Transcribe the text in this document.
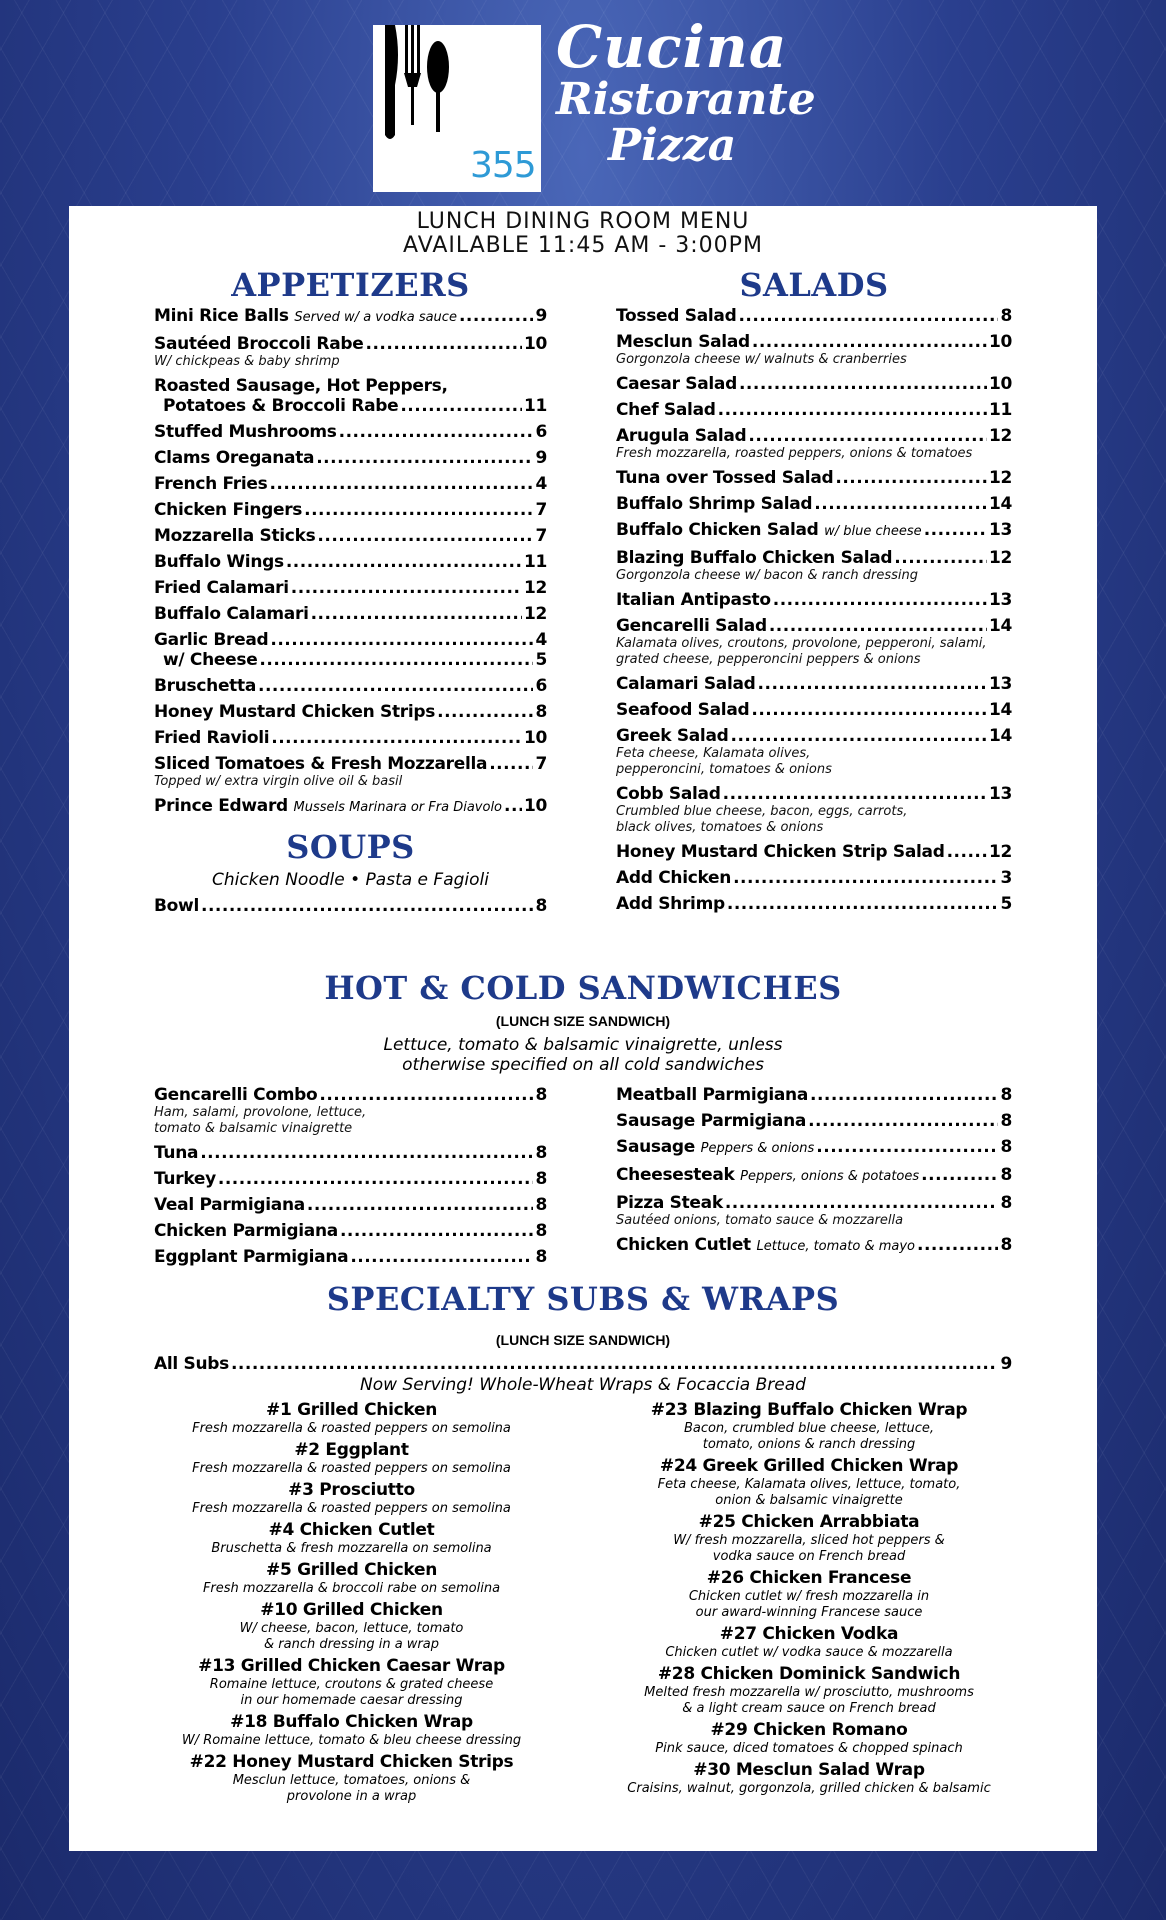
355
Cucina
Ristorante
Pizza
LUNCH DINING ROOM MENU
AVAILABLE 11:45 AM - 3:00PM
APPETIZERS
Mini Rice Balls Served w/ a vodka sauce .....	9
Sautéed Broccoli Rabe .....	10

W/ chickpeas & baby shrimp

Roasted Sausage, Hot Peppers,
Potatoes & Broccoli Rabe .....	11
Stuffed Mushrooms .....	6
Clams Oreganata .....	9
French Fries .....	4
Chicken Fingers .....	7
Mozzarella Sticks .....	7
Buffalo Wings .....	11
Fried Calamari .....	12
Buffalo Calamari .....	12
Garlic Bread .....	4
w/ Cheese .....	5
Bruschetta .....	6
Honey Mustard Chicken Strips .....	8
Fried Ravioli .....	10
Sliced Tomatoes & Fresh Mozzarella .....	7

Topped w/ extra virgin olive oil & basil

Prince Edward Mussels Marinara or Fra Diavolo ..... 10
SOUPS

Chicken Noodle • Pasta e Fagioli

Bowl .....	8
SALADS
Tossed Salad .....	8
Mesclun Salad .....	10

Gorgonzola cheese w/ walnuts & cranberries

Caesar Salad .....	10
Chef Salad .....	11
Arugula Salad .....	12

Fresh mozzarella, roasted peppers, onions & tomatoes

Tuna over Tossed Salad .....	12
Buffalo Shrimp Salad .....	14
Buffalo Chicken Salad w/ blue cheese .....	13
Blazing Buffalo Chicken Salad .....	12

Gorgonzola cheese w/ bacon & ranch dressing

Italian Antipasto .....	13
Gencarelli Salad .....	14

Kalamata olives, croutons, provolone, pepperoni, salami,

grated cheese, pepperoncini peppers & onions

Calamari Salad .....	13
Seafood Salad .....	14
Greek Salad .....	14

Feta cheese, Kalamata olives,

pepperoncini, tomatoes & onions

Cobb Salad .....	13

Crumbled blue cheese, bacon, eggs, carrots,

black olives, tomatoes & onions

Honey Mustard Chicken Strip Salad .....	12
Add Chicken .....	3
Add Shrimp .....	5
HOT & COLD SANDWICHES

(LUNCH SIZE SANDWICH)

Lettuce, tomato & balsamic vinaigrette, unless

otherwise specified on all cold sandwiches

Gencarelli Combo .....	8

Ham, salami, provolone, lettuce,

tomato & balsamic vinaigrette

Tuna .....	8
Turkey .....	8
Veal Parmigiana .....	8
Chicken Parmigiana .....	8
Eggplant Parmigiana .....	8
Meatball Parmigiana .....	8
Sausage Parmigiana .....	8
Sausage Peppers & onions .....	8
Cheesesteak Peppers, onions & potatoes .....	8
Pizza Steak .....	8

Sautéed onions, tomato sauce & mozzarella

Chicken Cutlet Lettuce, tomato & mayo .....	8
SPECIALTY SUBS & WRAPS

(LUNCH SIZE SANDWICH)

All Subs .....	9

Now Serving! Whole-Wheat Wraps & Focaccia Bread

#1 Grilled Chicken

Fresh mozzarella & roasted peppers on semolina

#2 Eggplant

Fresh mozzarella & roasted peppers on semolina

#3 Prosciutto

Fresh mozzarella & roasted peppers on semolina

#4 Chicken Cutlet

Bruschetta & fresh mozzarella on semolina

#5 Grilled Chicken

Fresh mozzarella & broccoli rabe on semolina

#10 Grilled Chicken

W/ cheese, bacon, lettuce, tomato

& ranch dressing in a wrap

#13 Grilled Chicken Caesar Wrap

Romaine lettuce, croutons & grated cheese

in our homemade caesar dressing

#18 Buffalo Chicken Wrap

W/ Romaine lettuce, tomato & bleu cheese dressing

#22 Honey Mustard Chicken Strips

Mesclun lettuce, tomatoes, onions &

provolone in a wrap

#23 Blazing Buffalo Chicken Wrap

Bacon, crumbled blue cheese, lettuce,

tomato, onions & ranch dressing

#24 Greek Grilled Chicken Wrap

Feta cheese, Kalamata olives, lettuce, tomato,

onion & balsamic vinaigrette

#25 Chicken Arrabbiata

W/ fresh mozzarella, sliced hot peppers &

vodka sauce on French bread

#26 Chicken Francese

Chicken cutlet w/ fresh mozzarella in

our award-winning Francese sauce

#27 Chicken Vodka

Chicken cutlet w/ vodka sauce & mozzarella

#28 Chicken Dominick Sandwich

Melted fresh mozzarella w/ prosciutto, mushrooms

& a light cream sauce on French bread

#29 Chicken Romano

Pink sauce, diced tomatoes & chopped spinach

#30 Mesclun Salad Wrap

Craisins, walnut, gorgonzola, grilled chicken & balsamic
